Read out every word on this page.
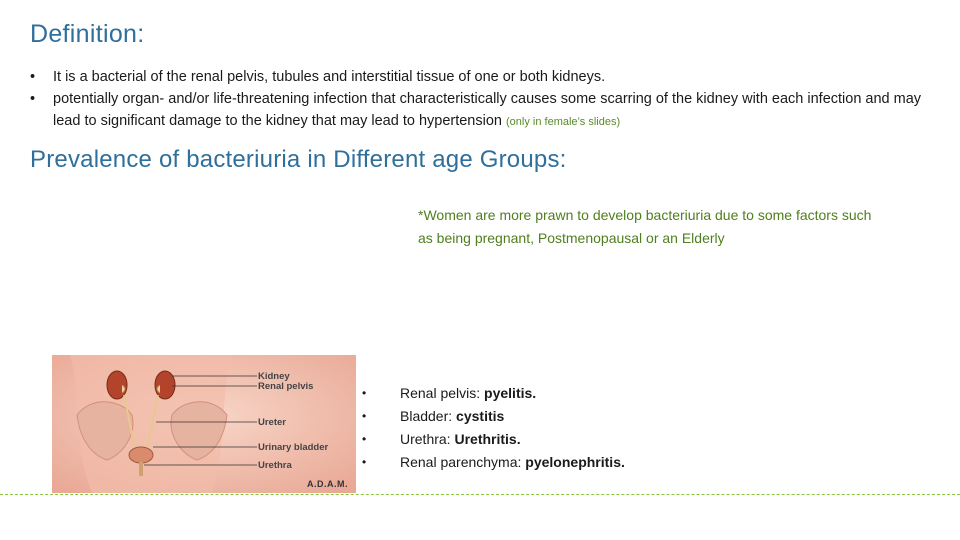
Definition:
• It is a bacterial of the renal pelvis, tubules and interstitial tissue of one or both kidneys.
• potentially organ- and/or life-threatening infection that characteristically causes some scarring of the kidney with each infection and may lead to significant damage to the kidney that may lead to hypertension (only in female’s slides)
Prevalence of bacteriuria in Different age Groups:
*Women are more prawn to develop bacteriuria due to some factors such as being pregnant, Postmenopausal or an Elderly
Kidney
Renal pelvis
Ureter
Urinary bladder
Urethra
A.D.A.M.
• Renal pelvis: pyelitis.
• Bladder: cystitis
• Urethra: Urethritis.
• Renal parenchyma: pyelonephritis.
